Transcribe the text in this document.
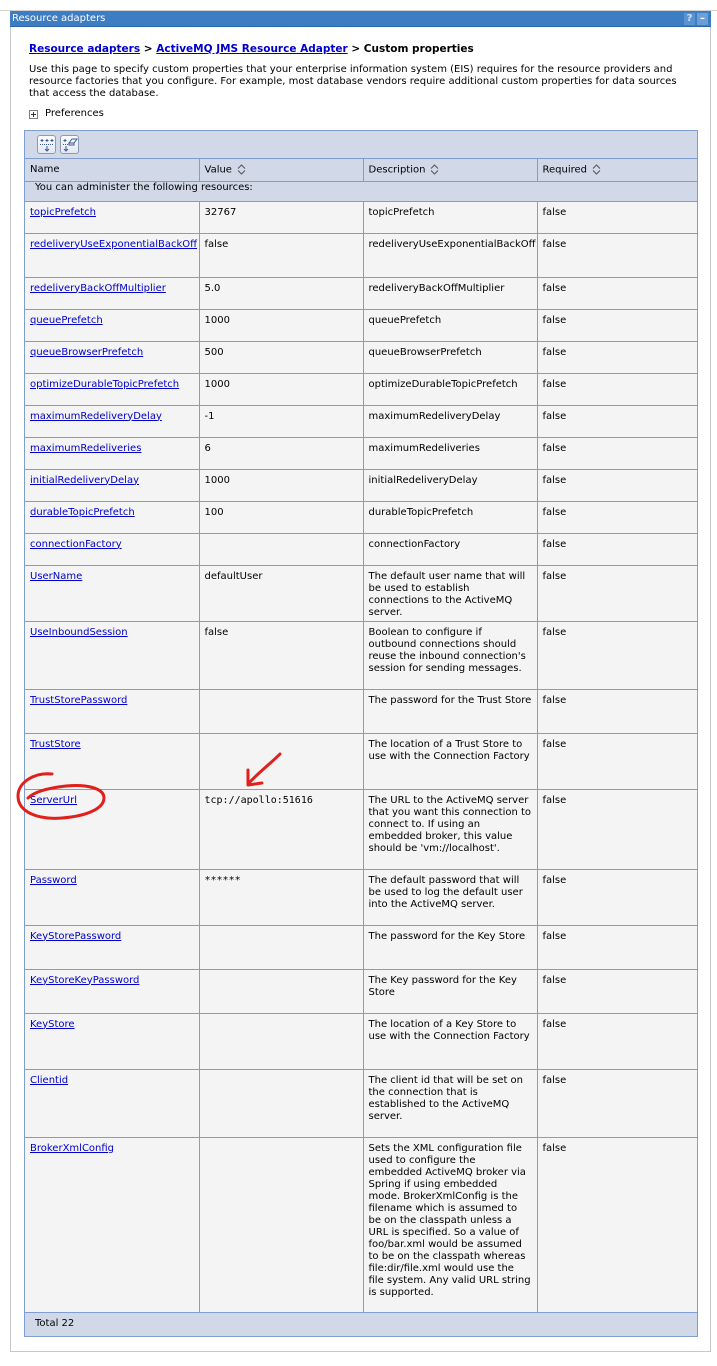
Resource adapters	? –
Resource adapters > ActiveMQ JMS Resource Adapter > Custom properties
Use this page to specify custom properties that your enterprise information system (EIS) requires for the resource providers and resource factories that you configure. For example, most database vendors require additional custom properties for data sources that access the database.
Preferences
Name	Value	Description	Required
You can administer the following resources:			
topicPrefetch	32767	topicPrefetch	false
redeliveryUseExponentialBackOff	false	redeliveryUseExponentialBackOff	false
redeliveryBackOffMultiplier	5.0	redeliveryBackOffMultiplier	false
queuePrefetch	1000	queuePrefetch	false
queueBrowserPrefetch	500	queueBrowserPrefetch	false
optimizeDurableTopicPrefetch	1000	optimizeDurableTopicPrefetch	false
maximumRedeliveryDelay	-1	maximumRedeliveryDelay	false
maximumRedeliveries	6	maximumRedeliveries	false
initialRedeliveryDelay	1000	initialRedeliveryDelay	false
durableTopicPrefetch	100	durableTopicPrefetch	false
connectionFactory		connectionFactory	false
UserName	defaultUser	The default user name that will be used to establish connections to the ActiveMQ server.	false
UseInboundSession	false	Boolean to configure if outbound connections should reuse the inbound connection's session for sending messages.	false
TrustStorePassword		The password for the Trust Store	false
TrustStore		The location of a Trust Store to use with the Connection Factory	false
ServerUrl	tcp://apollo:51616	The URL to the ActiveMQ server that you want this connection to connect to. If using an embedded broker, this value should be 'vm://localhost'.	false
Password	******	The default password that will be used to log the default user into the ActiveMQ server.	false
KeyStorePassword		The password for the Key Store	false
KeyStoreKeyPassword		The Key password for the Key Store	false
KeyStore		The location of a Key Store to use with the Connection Factory	false
Clientid		The client id that will be set on the connection that is established to the ActiveMQ server.	false
BrokerXmlConfig		Sets the XML configuration file used to configure the embedded ActiveMQ broker via Spring if using embedded mode. BrokerXmlConfig is the filename which is assumed to be on the classpath unless a URL is specified. So a value of foo/bar.xml would be assumed to be on the classpath whereas file:dir/file.xml would use the file system. Any valid URL string is supported.	false
Total 22			
